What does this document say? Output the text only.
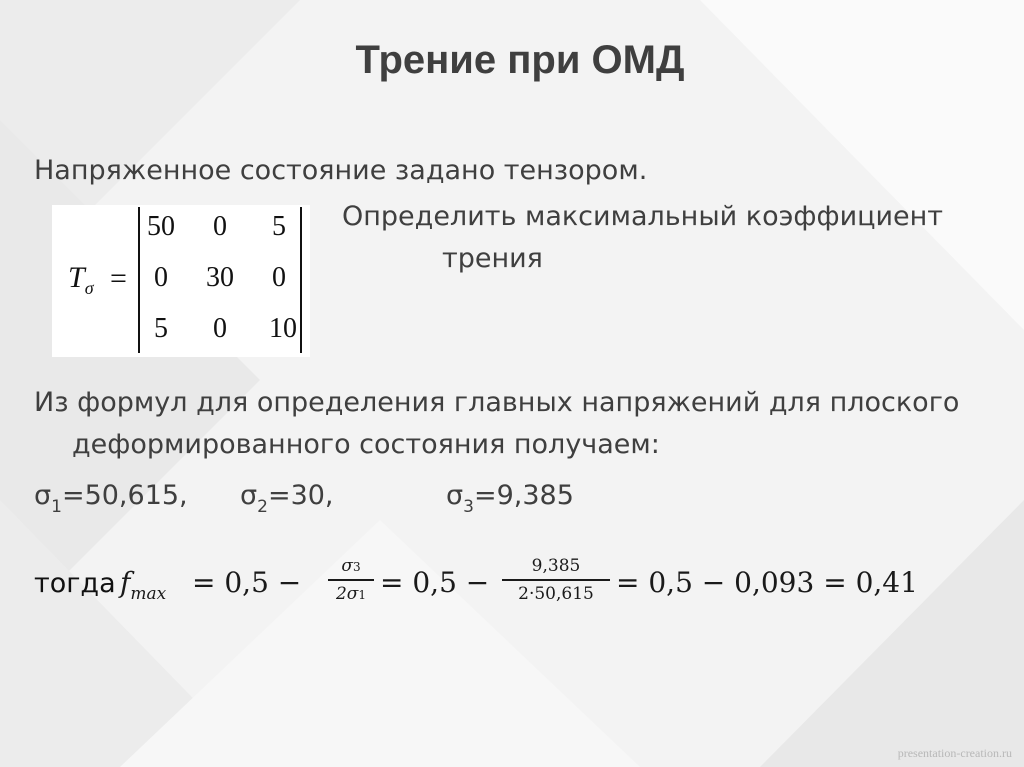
Трение при ОМД
Напряженное состояние задано тензором.
$T_\sigma$ =
50	0	5
0	30	0
5	0	10
Определить максимальный коэффициент
трения
Из формул для определения главных напряжений для плоского
деформированного состояния получаем:
$\sigma_1=50,615$, $\sigma_2=30$,	$\sigma_3=9,385$
тогда $f_{max} = 0,5$ −	σ3
2σ1 = 0,5 −	9,385
2·50,615 = 0,5 − 0,093 = 0,41
presentation-creation.ru
